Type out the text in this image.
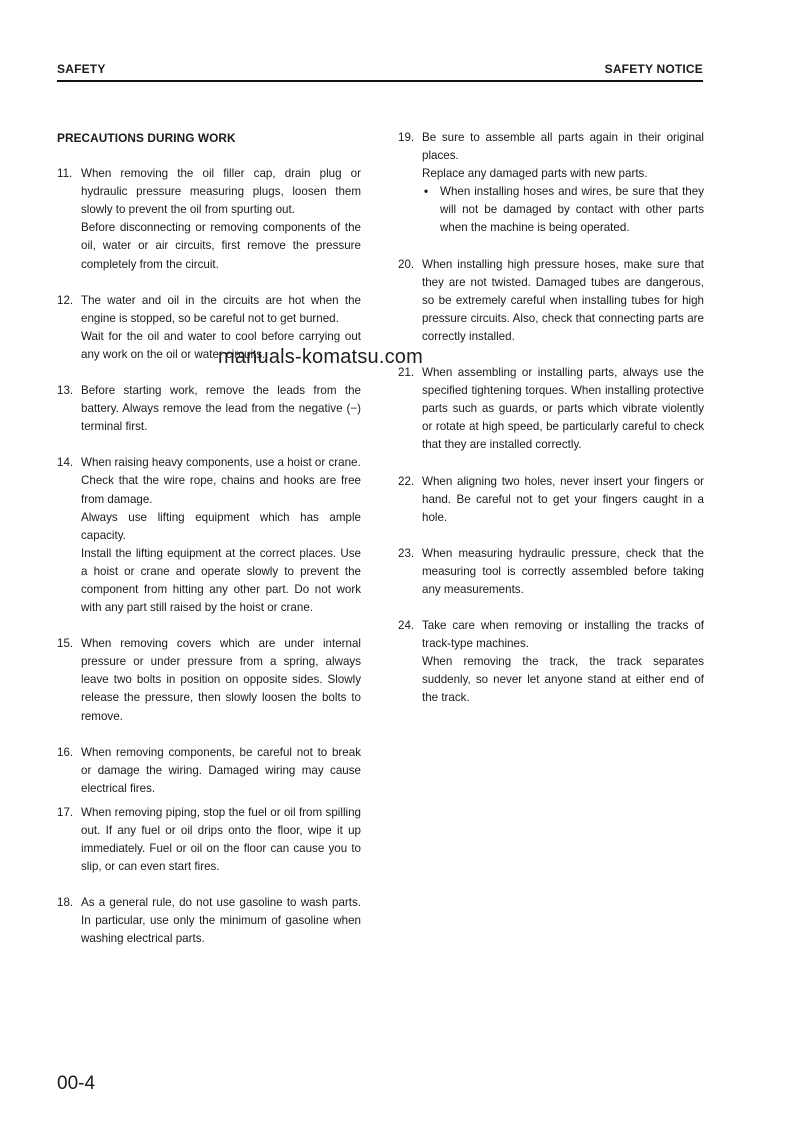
SAFETY	SAFETY NOTICE
PRECAUTIONS DURING WORK
11. When removing the oil filler cap, drain plug or hydraulic pressure measuring plugs, loosen them slowly to prevent the oil from spurting out.

Before disconnecting or removing components of the oil, water or air circuits, first remove the pressure completely from the circuit.

12. The water and oil in the circuits are hot when the engine is stopped, so be careful not to get burned.

Wait for the oil and water to cool before carrying out any work on the oil or water circuits.

13. Before starting work, remove the leads from the battery. Always remove the lead from the negative (−) terminal first.

14. When raising heavy components, use a hoist or crane.

Check that the wire rope, chains and hooks are free from damage.

Always use lifting equipment which has ample capacity.

Install the lifting equipment at the correct places. Use a hoist or crane and operate slowly to prevent the component from hitting any other part. Do not work with any part still raised by the hoist or crane.

15. When removing covers which are under internal pressure or under pressure from a spring, always leave two bolts in position on opposite sides. Slowly release the pressure, then slowly loosen the bolts to remove.

16. When removing components, be careful not to break or damage the wiring. Damaged wiring may cause electrical fires.

17. When removing piping, stop the fuel or oil from spilling out. If any fuel or oil drips onto the floor, wipe it up immediately. Fuel or oil on the floor can cause you to slip, or can even start fires.

18. As a general rule, do not use gasoline to wash parts. In particular, use only the minimum of gasoline when washing electrical parts.

19. Be sure to assemble all parts again in their original places.

Replace any damaged parts with new parts.

• When installing hoses and wires, be sure that they will not be damaged by contact with other parts when the machine is being operated.
20. When installing high pressure hoses, make sure that they are not twisted. Damaged tubes are dangerous, so be extremely careful when installing tubes for high pressure circuits. Also, check that connecting parts are correctly installed.

21. When assembling or installing parts, always use the specified tightening torques. When installing protective parts such as guards, or parts which vibrate violently or rotate at high speed, be particularly careful to check that they are installed correctly.

22. When aligning two holes, never insert your fingers or hand. Be careful not to get your fingers caught in a hole.

23. When measuring hydraulic pressure, check that the measuring tool is correctly assembled before taking any measurements.

24. Take care when removing or installing the tracks of track-type machines.

When removing the track, the track separates suddenly, so never let anyone stand at either end of the track.

manuals-komatsu.com
00-4
